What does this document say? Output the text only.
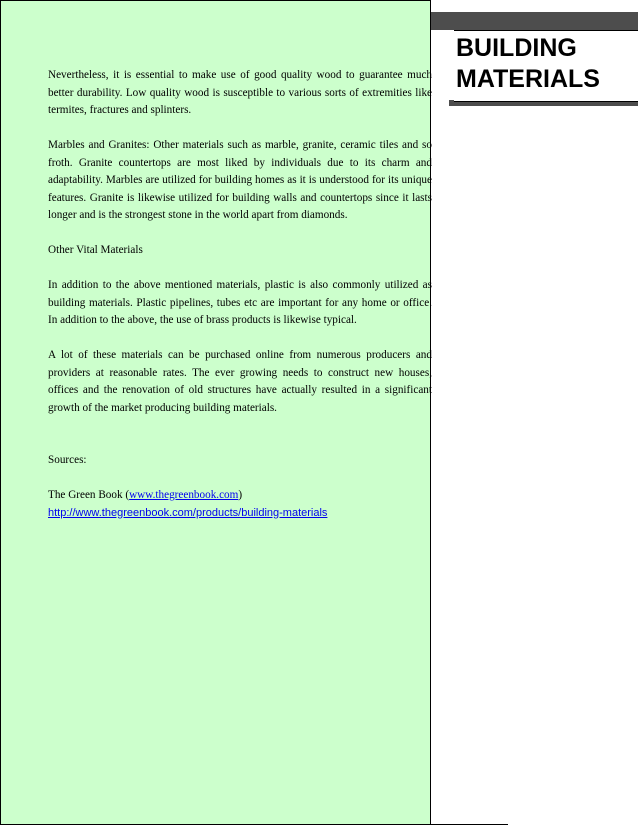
BUILDING
MATERIALS

Nevertheless, it is essential to make use of good quality wood to guarantee much better durability. Low quality wood is susceptible to various sorts of extremities like termites, fractures and splinters.

Marbles and Granites: Other materials such as marble, granite, ceramic tiles and so froth. Granite countertops are most liked by individuals due to its charm and adaptability. Marbles are utilized for building homes as it is understood for its unique features. Granite is likewise utilized for building walls and countertops since it lasts longer and is the strongest stone in the world apart from diamonds.

Other Vital Materials

In addition to the above mentioned materials, plastic is also commonly utilized as building materials. Plastic pipelines, tubes etc are important for any home or office. In addition to the above, the use of brass products is likewise typical.

A lot of these materials can be purchased online from numerous producers and providers at reasonable rates. The ever growing needs to construct new houses, offices and the renovation of old structures have actually resulted in a significant growth of the market producing building materials.

Sources:

The Green Book (www.thegreenbook.com)
http://www.thegreenbook.com/products/building-materials
